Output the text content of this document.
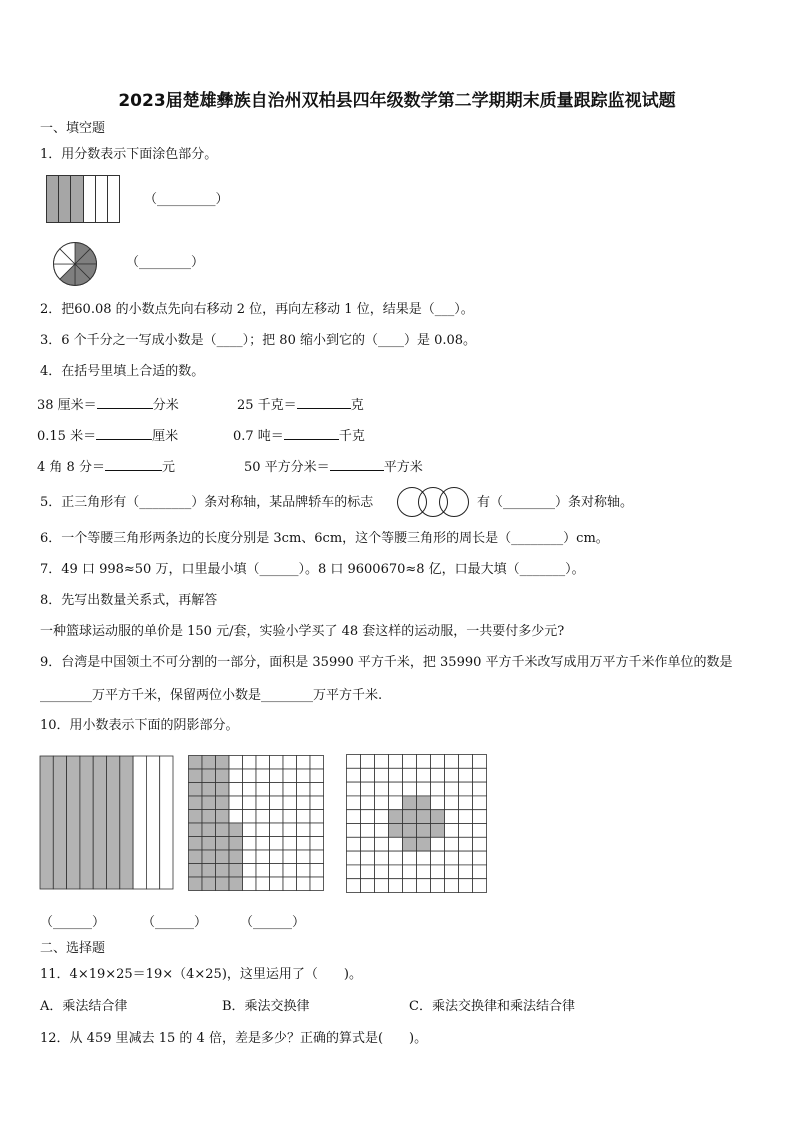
2023届楚雄彝族自治州双柏县四年级数学第二学期期末质量跟踪监视试题
一、填空题
1．用分数表示下面涂色部分。
（_________）
（________）
2．把60.08 的小数点先向右移动 2 位，再向左移动 1 位，结果是（___）。
3．6 个千分之一写成小数是（____）；把 80 缩小到它的（____）是 0.08。
4．在括号里填上合适的数。
38 厘米＝	分米	25 千克＝	克
0.15 米＝	厘米	0.7 吨＝	千克
4 角 8 分＝	元	50 平方分米＝	平方米
5．正三角形有（________）条对称轴，某品牌轿车的标志	有（________）条对称轴。
6．一个等腰三角形两条边的长度分别是 3cm、6cm，这个等腰三角形的周长是（________）cm。
7．49 口 998≈50 万，口里最小填（______）。8 口 9600670≈8 亿，口最大填（_______）。
8．先写出数量关系式，再解答
一种篮球运动服的单价是 150 元/套，实验小学买了 48 套这样的运动服，一共要付多少元?
9．台湾是中国领土不可分割的一部分，面积是 35990 平方千米，把 35990 平方千米改写成用万平方千米作单位的数是
________万平方千米，保留两位小数是________万平方千米.
10．用小数表示下面的阴影部分。
（______）	（______）	（______）
二、选择题
11．4×19×25＝19×（4×25)，这里运用了（　　)。
A．乘法结合律	B．乘法交换律	C．乘法交换律和乘法结合律
12．从 459 里减去 15 的 4 倍，差是多少？正确的算式是(　　)。
